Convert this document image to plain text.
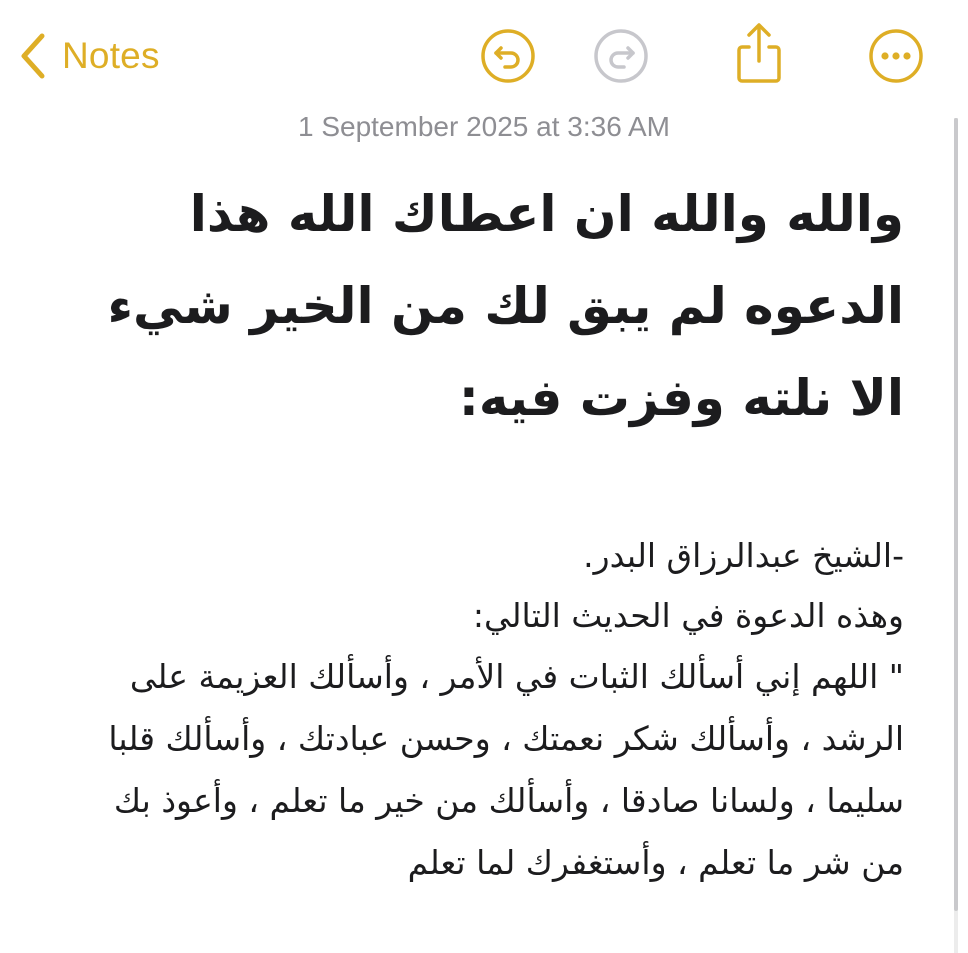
Notes
1 September 2025 at 3:36 AM
والله والله ان اعطاك الله هذا
الدعوه لم يبق لك من الخير شيء
الا نلته وفزت فيه:
-الشيخ عبدالرزاق البدر.
وهذه الدعوة في الحديث التالي:
" اللهم إني أسألك الثبات في الأمر ، وأسألك العزيمة على الرشد ، وأسألك شكر نعمتك ، وحسن عبادتك ، وأسألك قلبا سليما ، ولسانا صادقا ، وأسألك من خير ما تعلم ، وأعوذ بك من شر ما تعلم ، وأستغفرك لما تعلم
